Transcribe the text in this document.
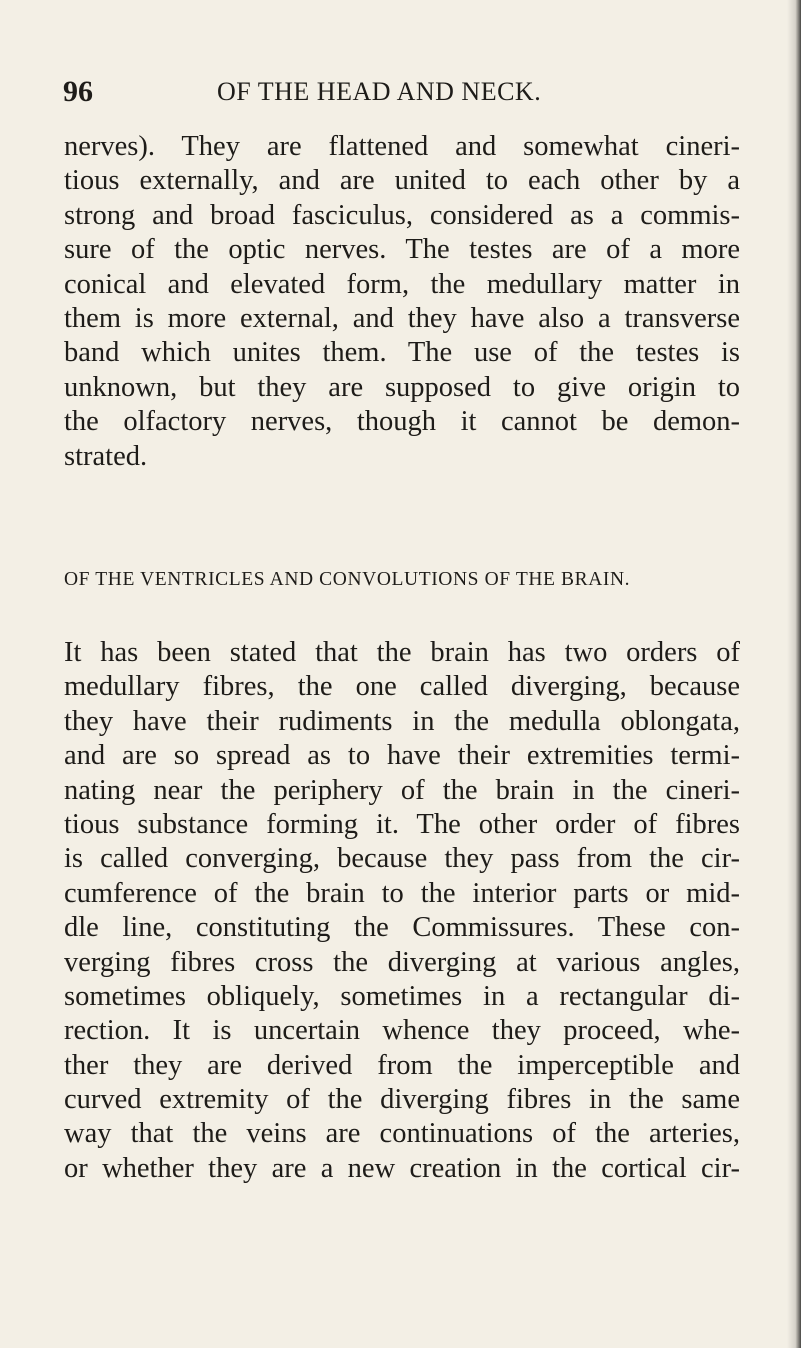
96	OF THE HEAD AND NECK.
nerves). They are flattened and somewhat cineri-
tious externally, and are united to each other by a
strong and broad fasciculus, considered as a commis-
sure of the optic nerves. The testes are of a more
conical and elevated form, the medullary matter in
them is more external, and they have also a transverse
band which unites them. The use of the testes is
unknown, but they are supposed to give origin to
the olfactory nerves, though it cannot be demon-
strated.
OF THE VENTRICLES AND CONVOLUTIONS OF THE BRAIN.
It has been stated that the brain has two orders of
medullary fibres, the one called diverging, because
they have their rudiments in the medulla oblongata,
and are so spread as to have their extremities termi-
nating near the periphery of the brain in the cineri-
tious substance forming it. The other order of fibres
is called converging, because they pass from the cir-
cumference of the brain to the interior parts or mid-
dle line, constituting the Commissures. These con-
verging fibres cross the diverging at various angles,
sometimes obliquely, sometimes in a rectangular di-
rection. It is uncertain whence they proceed, whe-
ther they are derived from the imperceptible and
curved extremity of the diverging fibres in the same
way that the veins are continuations of the arteries,
or whether they are a new creation in the cortical cir-
